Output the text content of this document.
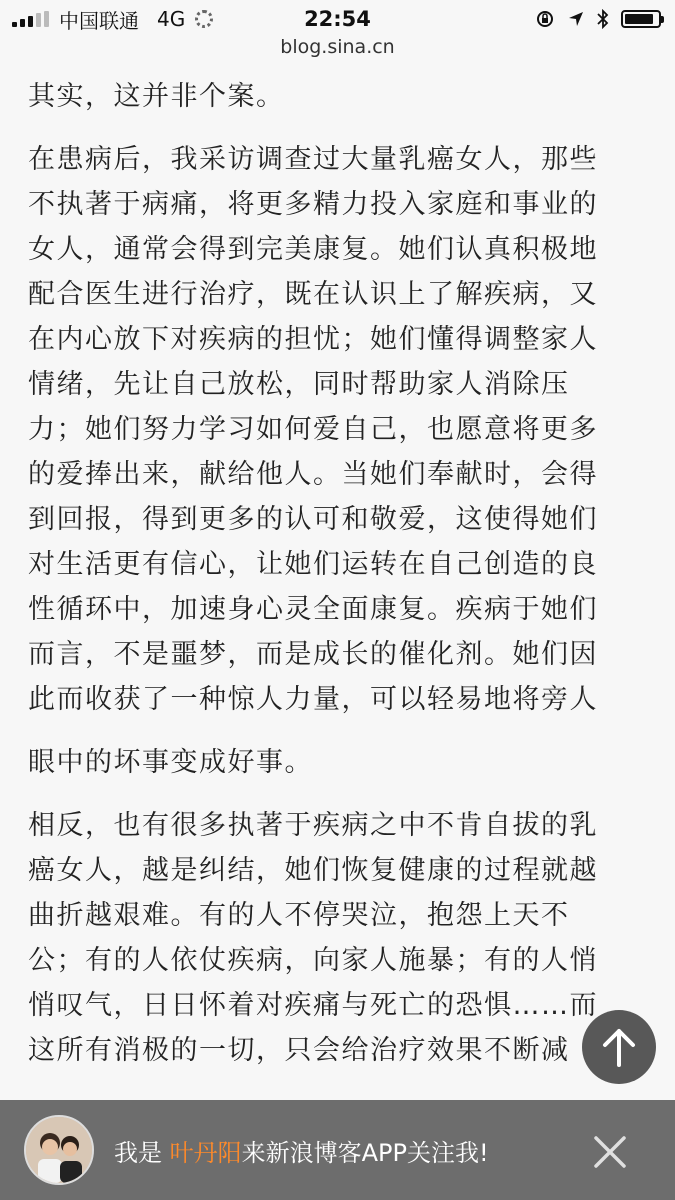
中国联通 4G	22:54
blog.sina.cn

其实，这并非个案。

在患病后，我采访调查过大量乳癌女人，那些
不执著于病痛，将更多精力投入家庭和事业的
女人，通常会得到完美康复。她们认真积极地
配合医生进行治疗，既在认识上了解疾病，又
在内心放下对疾病的担忧；她们懂得调整家人
情绪，先让自己放松，同时帮助家人消除压
力；她们努力学习如何爱自己，也愿意将更多
的爱捧出来，献给他人。当她们奉献时，会得
到回报，得到更多的认可和敬爱，这使得她们
对生活更有信心，让她们运转在自己创造的良
性循环中，加速身心灵全面康复。疾病于她们
而言，不是噩梦，而是成长的催化剂。她们因
此而收获了一种惊人力量，可以轻易地将旁人
眼中的坏事变成好事。

相反，也有很多执著于疾病之中不肯自拔的乳
癌女人，越是纠结，她们恢复健康的过程就越
曲折越艰难。有的人不停哭泣，抱怨上天不
公；有的人依仗疾病，向家人施暴；有的人悄
悄叹气，日日怀着对疾痛与死亡的恐惧……而
这所有消极的一切，只会给治疗效果不断减

我是 叶丹阳来新浪博客APP关注我!
